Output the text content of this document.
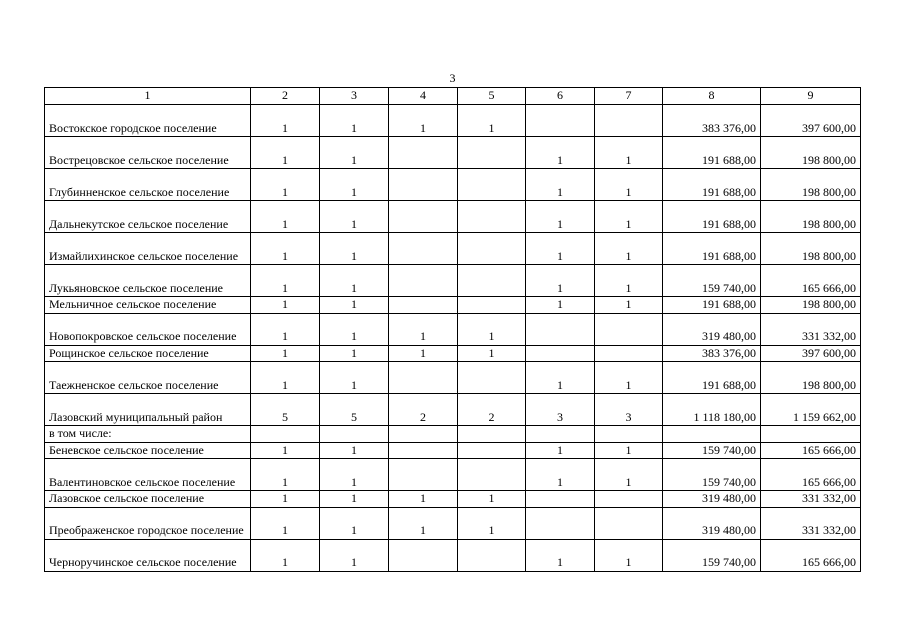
3
1	2	3	4	5	6	7	8	9
Востокское городское поселение	1	1	1	1			383 376,00	397 600,00
Вострецовское сельское поселение	1	1			1	1	191 688,00	198 800,00
Глубинненское сельское поселение	1	1			1	1	191 688,00	198 800,00
Дальнекутское сельское поселение	1	1			1	1	191 688,00	198 800,00
Измайлихинское сельское поселение	1	1			1	1	191 688,00	198 800,00
Лукьяновское сельское поселение	1	1			1	1	159 740,00	165 666,00
Мельничное сельское поселение	1	1			1	1	191 688,00	198 800,00
Новопокровское сельское поселение	1	1	1	1			319 480,00	331 332,00
Рощинское сельское поселение	1	1	1	1			383 376,00	397 600,00
Таежненское сельское поселение	1	1			1	1	191 688,00	198 800,00
Лазовский муниципальный район	5	5	2	2	3	3	1 118 180,00	1 159 662,00
в том числе:								
Беневское сельское поселение	1	1			1	1	159 740,00	165 666,00
Валентиновское сельское поселение	1	1			1	1	159 740,00	165 666,00
Лазовское сельское поселение	1	1	1	1			319 480,00	331 332,00
Преображенское городское поселение	1	1	1	1			319 480,00	331 332,00
Черноручинское сельское поселение	1	1			1	1	159 740,00	165 666,00
